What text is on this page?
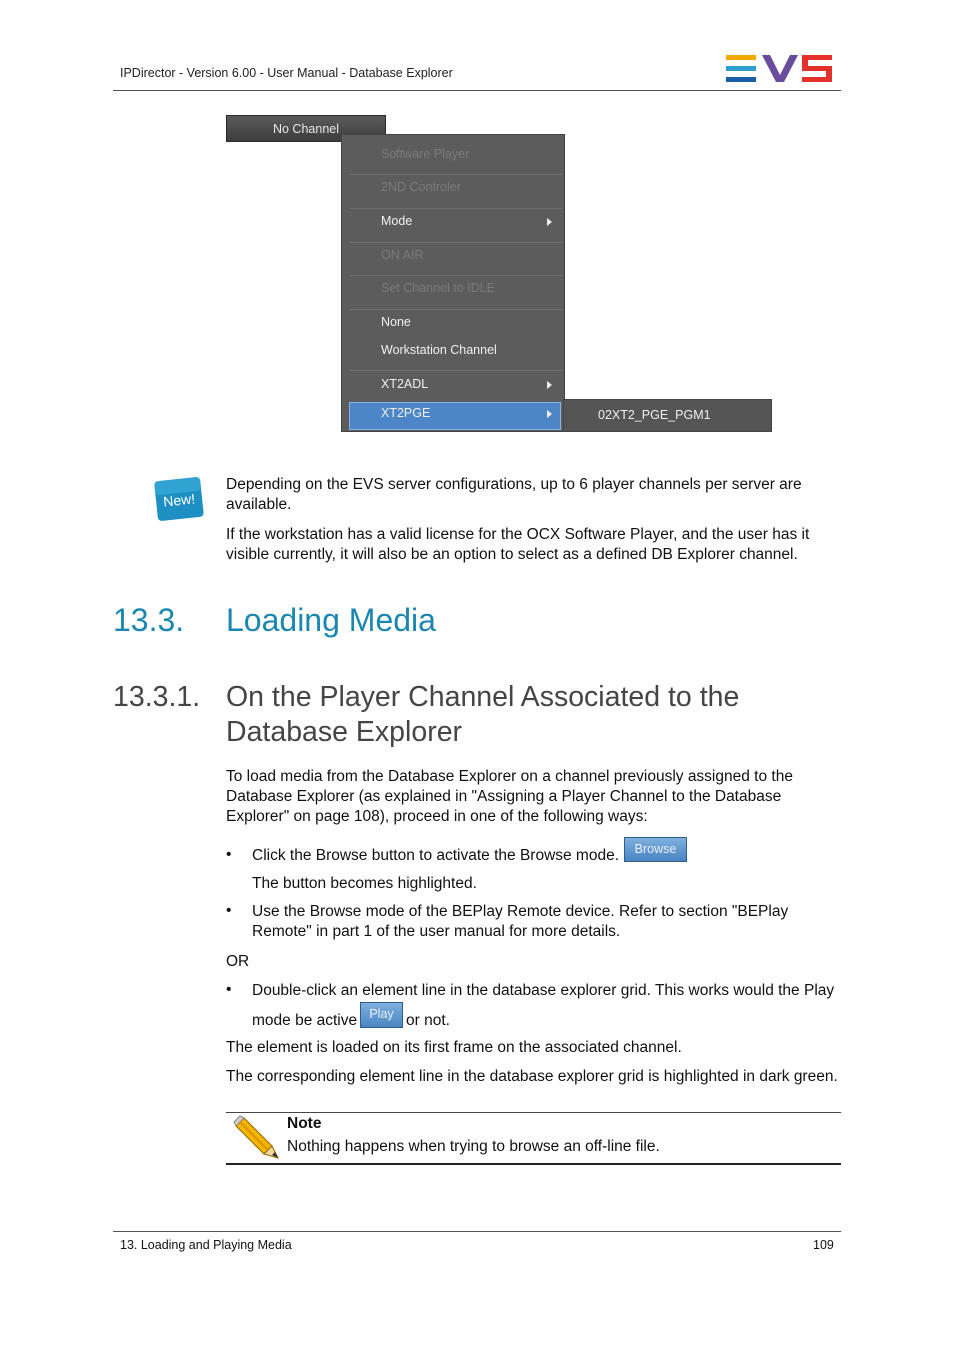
IPDirector - Version 6.00 - User Manual - Database Explorer
No Channel
Software Player
2ND Controler
Mode
ON AIR
Set Channel to IDLE
None
Workstation Channel
XT2ADL
XT2PGE	02XT2_PGE_PGM1
New!
Depending on the EVS server configurations, up to 6 player channels per server are available.
If the workstation has a valid license for the OCX Software Player, and the user has it visible currently, it will also be an option to select as a defined DB Explorer channel.
13.3. Loading Media
13.3.1. On the Player Channel Associated to the
Database Explorer
To load media from the Database Explorer on a channel previously assigned to the Database Explorer (as explained in "Assigning a Player Channel to the Database Explorer" on page 108), proceed in one of the following ways:
• Click the Browse button to activate the Browse mode.	Browse
The button becomes highlighted.
• Use the Browse mode of the BEPlay Remote device. Refer to section "BEPlay Remote" in part 1 of the user manual for more details.
OR
• Double-click an element line in the database explorer grid. This works would the Play
mode be active Play or not.
The element is loaded on its first frame on the associated channel.
The corresponding element line in the database explorer grid is highlighted in dark green.
Note
Nothing happens when trying to browse an off-line file.
13. Loading and Playing Media	109
